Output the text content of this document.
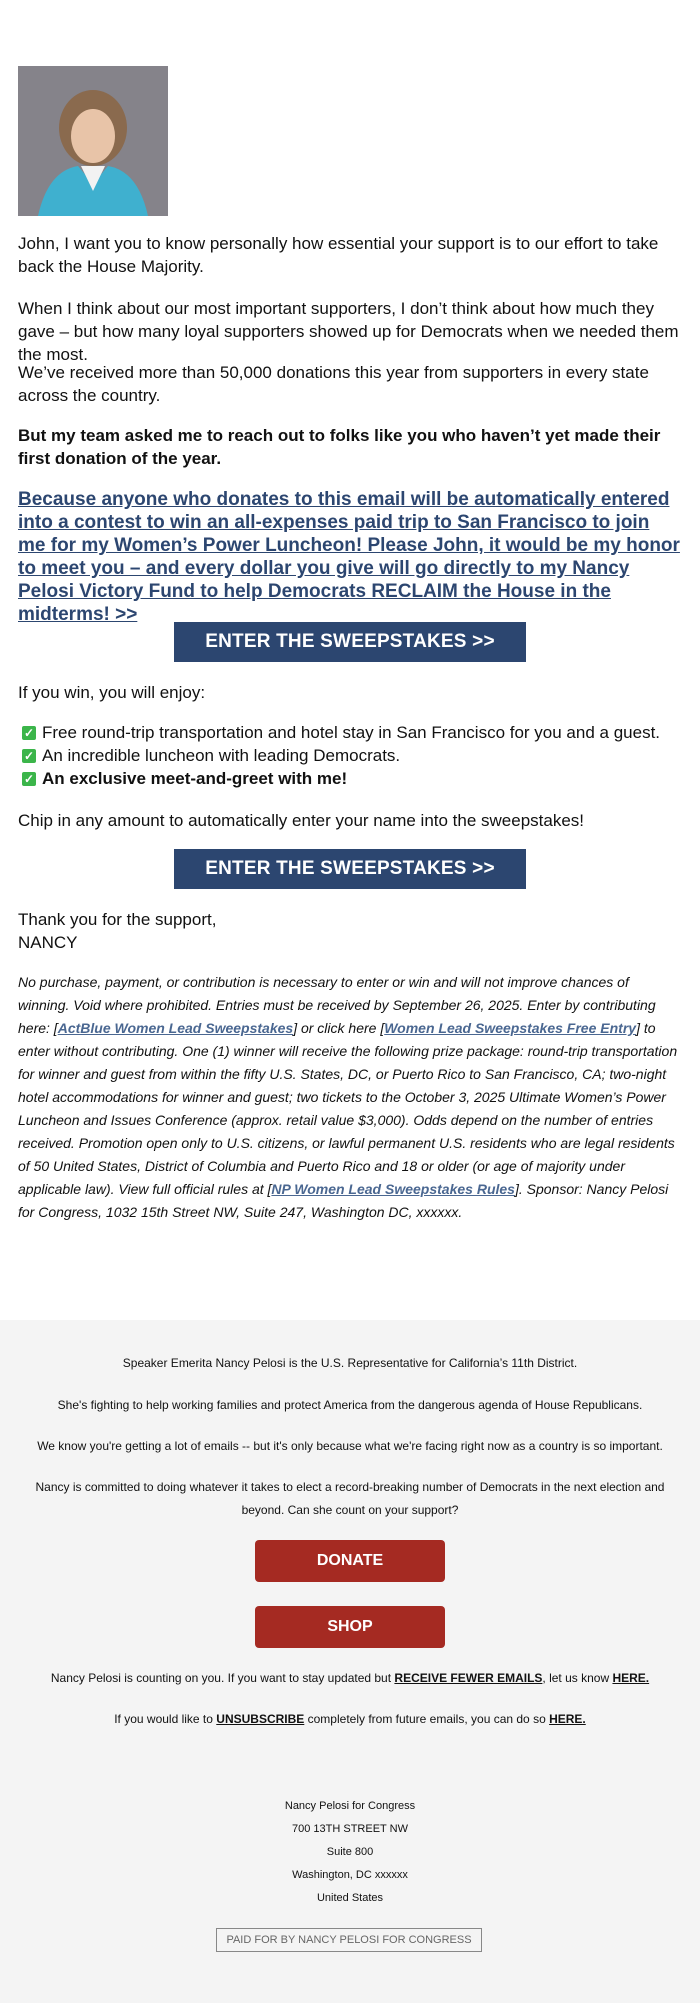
John, I want you to know personally how essential your support is to our effort to take back the House Majority.

When I think about our most important supporters, I don’t think about how much they gave – but how many loyal supporters showed up for Democrats when we needed them the most.

We’ve received more than 50,000 donations this year from supporters in every state across the country.

But my team asked me to reach out to folks like you who haven’t yet made their first donation of the year.

Because anyone who donates to this email will be automatically entered into a contest to win an all-expenses paid trip to San Francisco to join me for my Women’s Power Luncheon! Please John, it would be my honor to meet you – and every dollar you give will go directly to my Nancy Pelosi Victory Fund to help Democrats RECLAIM the House in the midterms! >>
ENTER THE SWEEPSTAKES >>

If you win, you will enjoy:

✓ Free round-trip transportation and hotel stay in San Francisco for you and a guest.
✓ An incredible luncheon with leading Democrats.
✓ An exclusive meet-and-greet with me!

Chip in any amount to automatically enter your name into the sweepstakes!

ENTER THE SWEEPSTAKES >>

Thank you for the support,

NANCY

No purchase, payment, or contribution is necessary to enter or win and will not improve chances of winning. Void where prohibited. Entries must be received by September 26, 2025. Enter by contributing here: [ActBlue Women Lead Sweepstakes] or click here [Women Lead Sweepstakes Free Entry] to enter without contributing. One (1) winner will receive the following prize package: round-trip transportation for winner and guest from within the fifty U.S. States, DC, or Puerto Rico to San Francisco, CA; two-night hotel accommodations for winner and guest; two tickets to the October 3, 2025 Ultimate Women’s Power Luncheon and Issues Conference (approx. retail value $3,000). Odds depend on the number of entries received. Promotion open only to U.S. citizens, or lawful permanent U.S. residents who are legal residents of 50 United States, District of Columbia and Puerto Rico and 18 or older (or age of majority under applicable law). View full official rules at [NP Women Lead Sweepstakes Rules]. Sponsor: Nancy Pelosi for Congress, 1032 15th Street NW, Suite 247, Washington DC, xxxxxx.

Speaker Emerita Nancy Pelosi is the U.S. Representative for California’s 11th District.
She's fighting to help working families and protect America from the dangerous agenda of House Republicans.
We know you're getting a lot of emails -- but it's only because what we're facing right now as a country is so important.
Nancy is committed to doing whatever it takes to elect a record-breaking number of Democrats in the next election and beyond. Can she count on your support?
DONATE
SHOP
Nancy Pelosi is counting on you. If you want to stay updated but RECEIVE FEWER EMAILS, let us know HERE.
If you would like to UNSUBSCRIBE completely from future emails, you can do so HERE.
Nancy Pelosi for Congress
700 13TH STREET NW
Suite 800
Washington, DC xxxxxx
United States
PAID FOR BY NANCY PELOSI FOR CONGRESS
